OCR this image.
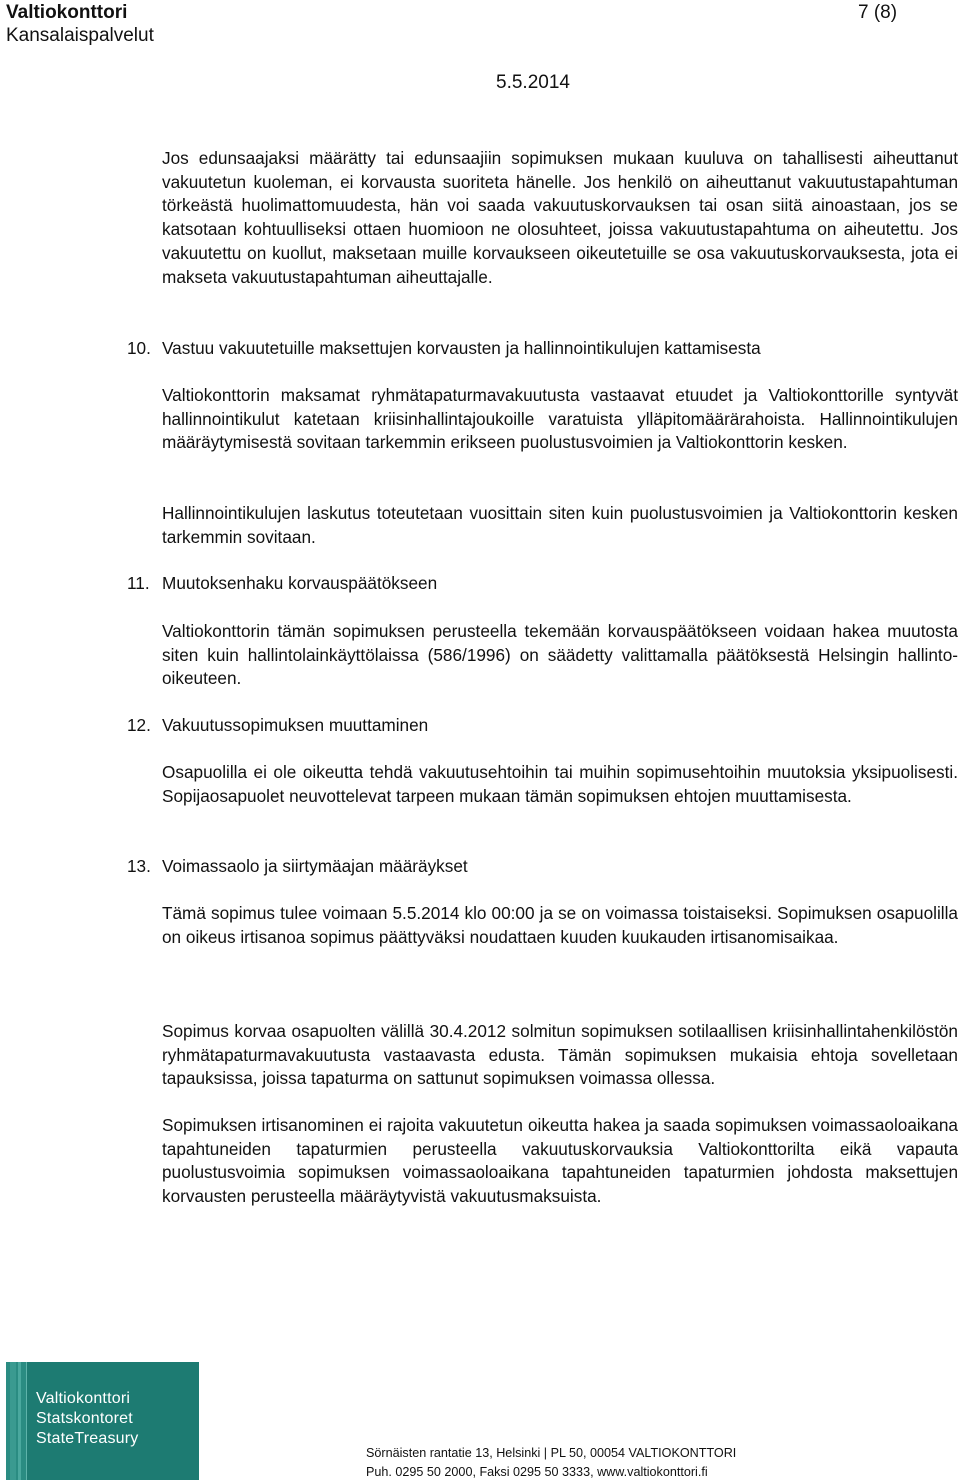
Valtiokonttori
Kansalaispalvelut
7 (8)
5.5.2014

Jos edunsaajaksi määrätty tai edunsaajiin sopimuksen mukaan kuuluva on tahallisesti aiheuttanut vakuutetun kuoleman, ei korvausta suoriteta hänelle. Jos henkilö on aiheuttanut vakuutustapahtuman törkeästä huolimattomuudesta, hän voi saada vakuutuskorvauksen tai osan siitä ainoastaan, jos se katsotaan kohtuulliseksi ottaen huomioon ne olosuhteet, joissa vakuutustapahtuma on aiheutettu. Jos vakuutettu on kuollut, maksetaan muille korvaukseen oikeutetuille se osa vakuutuskorvauksesta, jota ei makseta vakuutustapahtuman aiheuttajalle.

10. Vastuu vakuutetuille maksettujen korvausten ja hallinnointikulujen kattamisesta

Valtiokonttorin maksamat ryhmätapaturmavakuutusta vastaavat etuudet ja Valtiokonttorille syntyvät hallinnointikulut katetaan kriisinhallintajoukoille varatuista ylläpitomäärärahoista. Hallinnointikulujen määräytymisestä sovitaan tarkemmin erikseen puolustusvoimien ja Valtiokonttorin kesken.

Hallinnointikulujen laskutus toteutetaan vuosittain siten kuin puolustusvoimien ja Valtiokonttorin kesken tarkemmin sovitaan.

11. Muutoksenhaku korvauspäätökseen

Valtiokonttorin tämän sopimuksen perusteella tekemään korvauspäätökseen voidaan hakea muutosta siten kuin hallintolainkäyttölaissa (586/1996) on säädetty valittamalla päätöksestä Helsingin hallinto-oikeuteen.

12. Vakuutussopimuksen muuttaminen

Osapuolilla ei ole oikeutta tehdä vakuutusehtoihin tai muihin sopimusehtoihin muutoksia yksipuolisesti. Sopijaosapuolet neuvottelevat tarpeen mukaan tämän sopimuksen ehtojen muuttamisesta.

13. Voimassaolo ja siirtymäajan määräykset

Tämä sopimus tulee voimaan 5.5.2014 klo 00:00 ja se on voimassa toistaiseksi. Sopimuksen osapuolilla on oikeus irtisanoa sopimus päättyväksi noudattaen kuuden kuukauden irtisanomisaikaa.

Sopimus korvaa osapuolten välillä 30.4.2012 solmitun sopimuksen sotilaallisen kriisinhallintahenkilöstön ryhmätapaturmavakuutusta vastaavasta edusta. Tämän sopimuksen mukaisia ehtoja sovelletaan tapauksissa, joissa tapaturma on sattunut sopimuksen voimassa ollessa.

Sopimuksen irtisanominen ei rajoita vakuutetun oikeutta hakea ja saada sopimuksen voimassaoloaikana tapahtuneiden tapaturmien perusteella vakuutuskorvauksia Valtiokonttorilta eikä vapauta puolustusvoimia sopimuksen voimassaoloaikana tapahtuneiden tapaturmien johdosta maksettujen korvausten perusteella määräytyvistä vakuutusmaksuista.

Valtiokonttori
Statskontoret
StateTreasury
Sörnäisten rantatie 13, Helsinki | PL 50, 00054 VALTIOKONTTORI
Puh. 0295 50 2000, Faksi 0295 50 3333, www.valtiokonttori.fi
